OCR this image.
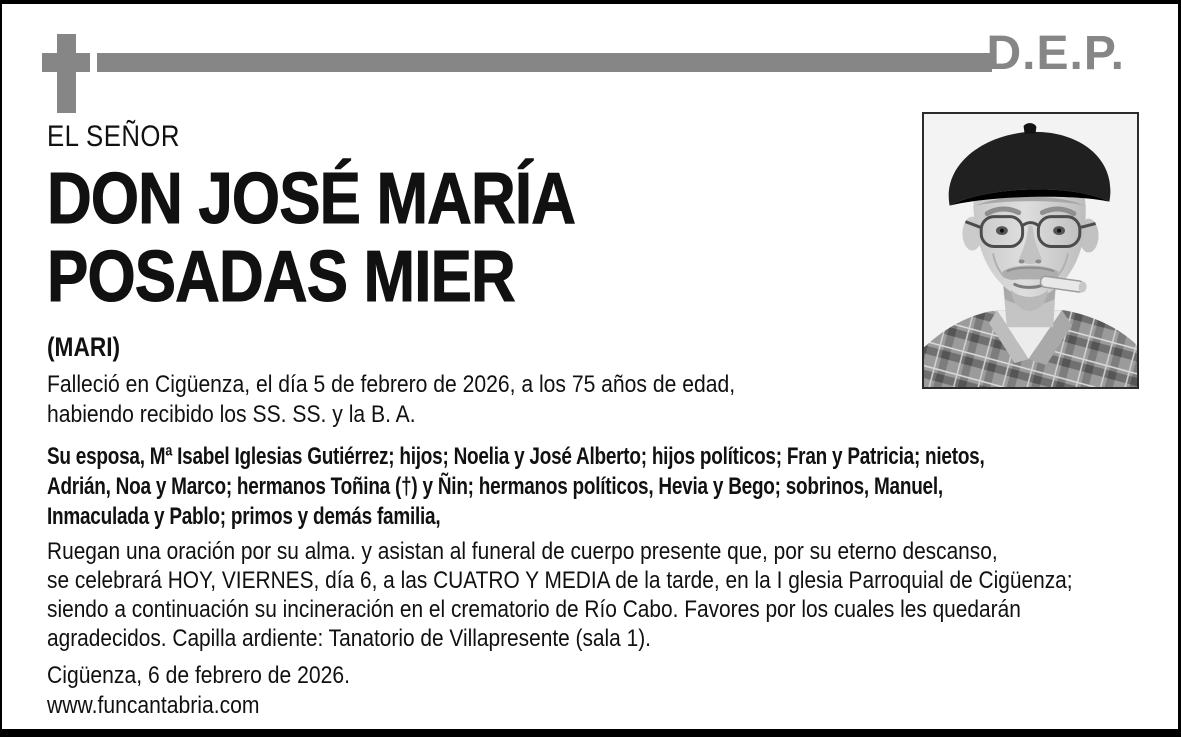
D.E.P.
EL SEÑOR
DON JOSÉ MARÍA
POSADAS MIER
(MARI)

Falleció en Cigüenza, el día 5 de febrero de 2026, a los 75 años de edad,
habiendo recibido los SS. SS. y la B. A.

Su esposa, Mª Isabel Iglesias Gutiérrez; hijos; Noelia y José Alberto; hijos políticos; Fran y Patricia; nietos,
Adrián, Noa y Marco; hermanos Toñina (†) y Ñin; hermanos políticos, Hevia y Bego; sobrinos, Manuel,
Inmaculada y Pablo; primos y demás familia,

Ruegan una oración por su alma. y asistan al funeral de cuerpo presente que, por su eterno descanso,
se celebrará HOY, VIERNES, día 6, a las CUATRO Y MEDIA de la tarde, en la I glesia Parroquial de Cigüenza;
siendo a continuación su incineración en el crematorio de Río Cabo. Favores por los cuales les quedarán
agradecidos. Capilla ardiente: Tanatorio de Villapresente (sala 1).

Cigüenza, 6 de febrero de 2026.

www.funcantabria.com
